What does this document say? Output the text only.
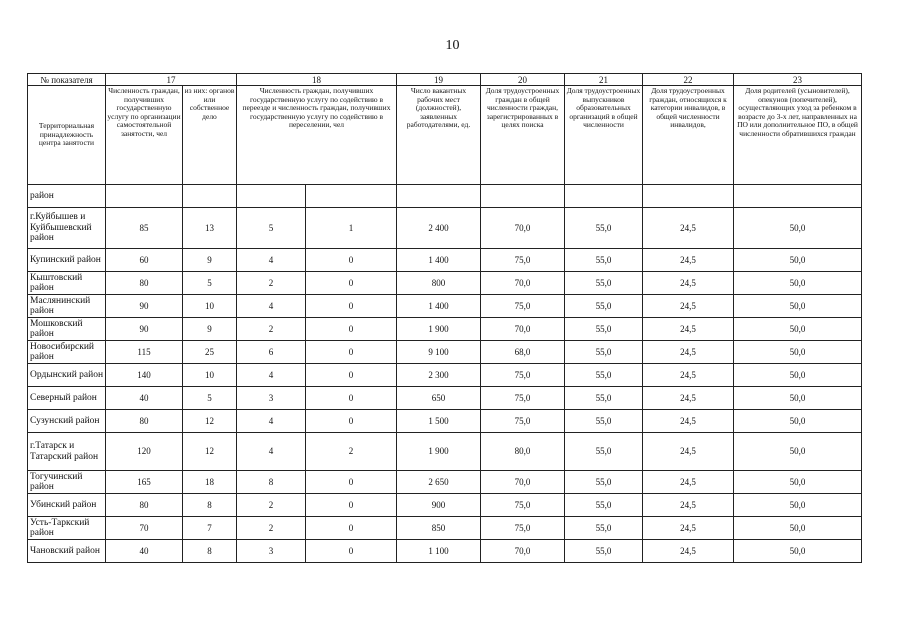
10
№ показателя	17		18		19	20	21	22	23
Территориальная принадлежность центра занятости	Численность граждан, получивших государственную услугу по организации самостоятельной занятости, чел	из них: органов или собственное дело	Численность граждан, получивших государственную услугу по содействию в переезде и численность граждан, получивших государственную услугу по содействию в переселении, чел		Число вакантных рабочих мест (должностей), заявленных работодателями, ед.	Доля трудоустроенных граждан в общей численности граждан, зарегистрированных в целях поиска	Доля трудоустроенных выпускников образовательных организаций в общей численности	Доля трудоустроенных граждан, относящихся к категории инвалидов, в общей численности инвалидов,	Доля родителей (усыновителей), опекунов (попечителей), осуществляющих уход за ребенком в возрасте до 3-х лет, направленных на ПО или дополнительное ПО, в общей численности обратившихся граждан

район									
г.Куйбышев и Куйбышевский район	85	13	5	1	2 400	70,0	55,0	24,5	50,0
Купинский район	60	9	4	0	1 400	75,0	55,0	24,5	50,0
Кыштовский район	80	5	2	0	800	70,0	55,0	24,5	50,0
Маслянинский район	90	10	4	0	1 400	75,0	55,0	24,5	50,0
Мошковский район	90	9	2	0	1 900	70,0	55,0	24,5	50,0
Новосибирский район	115	25	6	0	9 100	68,0	55,0	24,5	50,0
Ордынский район	140	10	4	0	2 300	75,0	55,0	24,5	50,0
Северный район	40	5	3	0	650	75,0	55,0	24,5	50,0
Сузунский район	80	12	4	0	1 500	75,0	55,0	24,5	50,0
г.Татарск и Татарский район	120	12	4	2	1 900	80,0	55,0	24,5	50,0
Тогучинский район	165	18	8	0	2 650	70,0	55,0	24,5	50,0
Убинский район	80	8	2	0	900	75,0	55,0	24,5	50,0
Усть-Таркский район	70	7	2	0	850	75,0	55,0	24,5	50,0
Чановский район	40	8	3	0	1 100	70,0	55,0	24,5	50,0
